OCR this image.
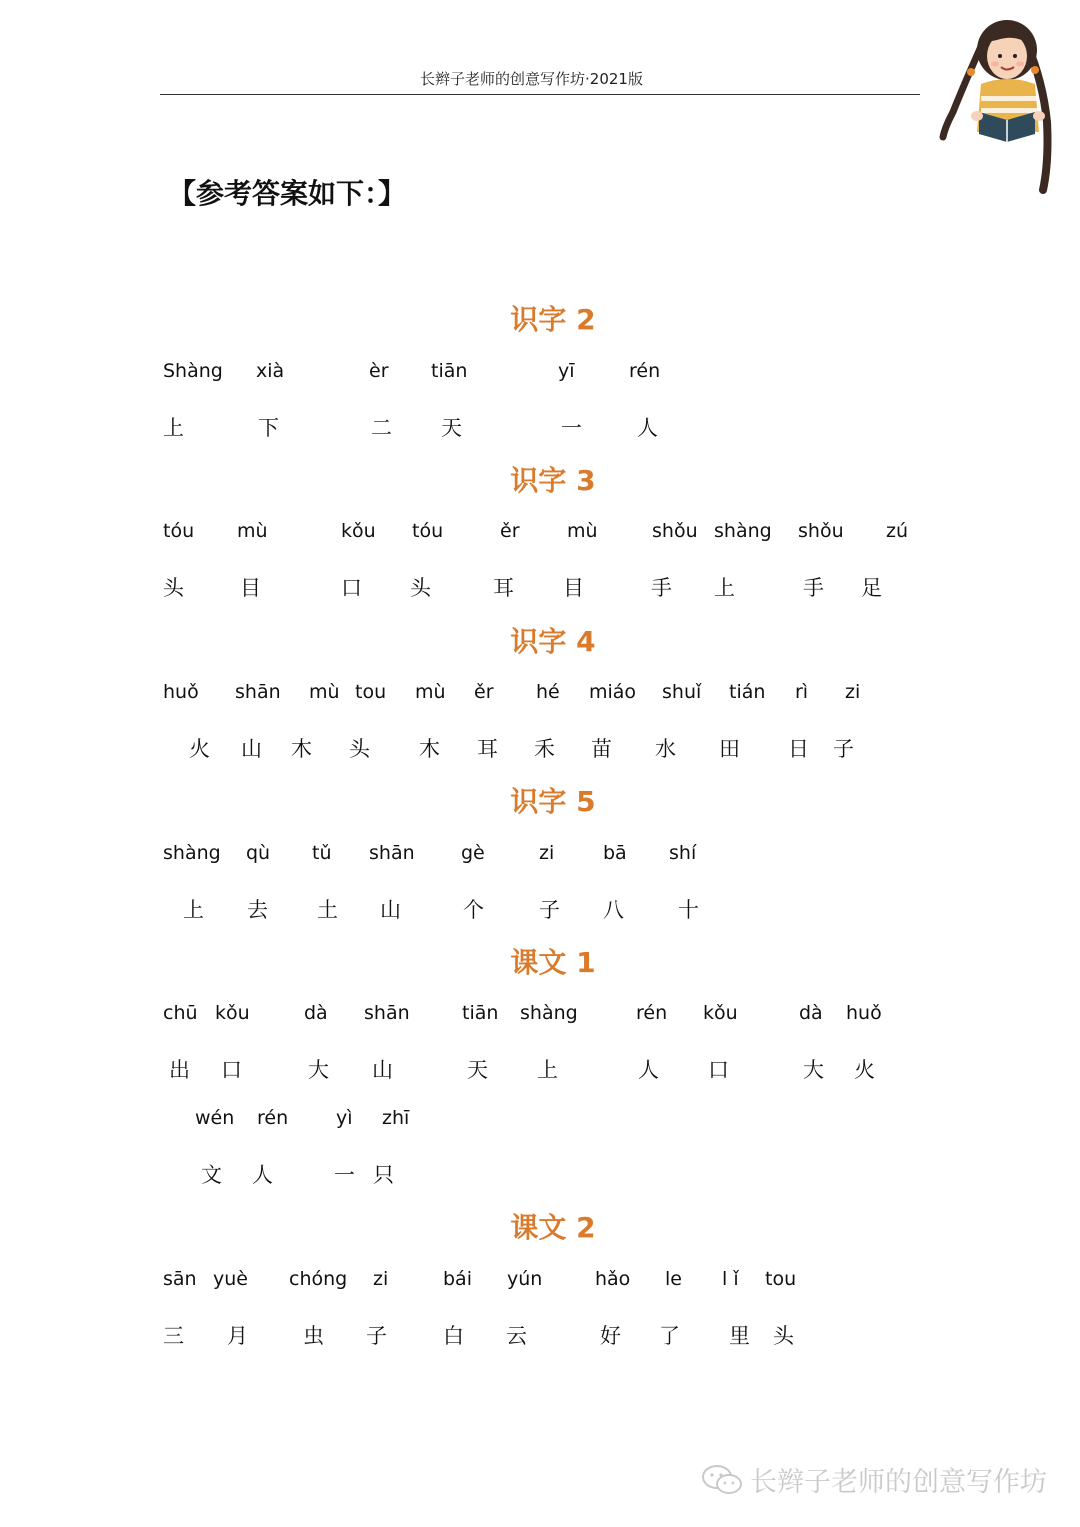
长辫子老师的创意写作坊·2021版
【参考答案如下：】
识字 2
Shàng xià	èr tiān	yī	rén
上	下	二 天	一	人
识字 3
tóu mù	kǒu tóu	ěr mù	shǒu shàng shǒu zú
头	目	口 头	耳 目	手 上	手 足
识字 4
huǒ shān mù tou mù ěr hé miáo shuǐ tián rì zi
火 山 木 头 木 耳 禾 苗 水 田 日 子
识字 5
shàng qù tǔ shān gè	zi	bā shí
上 去 土 山	个	子 八	十
课文 1
chū kǒu	dà shān	tiān shàng	rén kǒu	dà huǒ
出 口	大 山	天 上	人 口	大 火
wén rén	yì zhī
文 人	一 只
课文 2
sān yuè chóng zi	bái yún	hǎo le l ǐ tou
三 月	虫 子	白 云	好 了 里 头
长辫子老师的创意写作坊
